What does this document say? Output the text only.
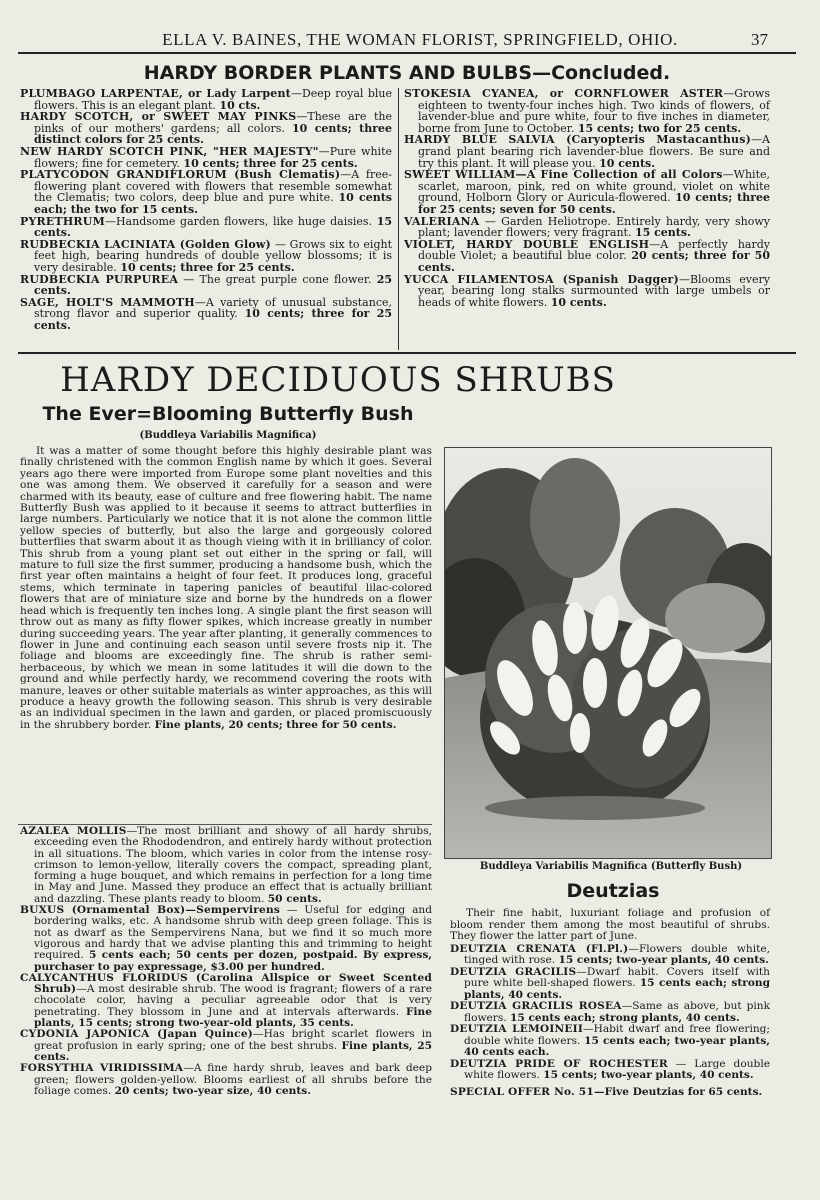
ELLA V. BAINES, THE WOMAN FLORIST, SPRINGFIELD, OHIO.	37
HARDY BORDER PLANTS AND BULBS—Concluded.
PLUMBAGO LARPENTAE, or Lady Larpent—Deep royal blue flowers. This is an elegant plant. 10 cts.
HARDY SCOTCH, or SWEET MAY PINKS—These are the pinks of our mothers' gardens; all colors. 10 cents; three distinct colors for 25 cents.
NEW HARDY SCOTCH PINK, "HER MAJESTY"—Pure white flowers; fine for cemetery. 10 cents; three for 25 cents.
PLATYCODON GRANDIFLORUM (Bush Clematis)—A free-flowering plant covered with flowers that resemble somewhat the Clematis; two colors, deep blue and pure white. 10 cents each; the two for 15 cents.
PYRETHRUM—Handsome garden flowers, like huge daisies. 15 cents.
RUDBECKIA LACINIATA (Golden Glow) — Grows six to eight feet high, bearing hundreds of double yellow blossoms; it is very desirable. 10 cents; three for 25 cents.
RUDBECKIA PURPUREA — The great purple cone flower. 25 cents.
SAGE, HOLT'S MAMMOTH—A variety of unusual substance, strong flavor and superior quality. 10 cents; three for 25 cents.
STOKESIA CYANEA, or CORNFLOWER ASTER—Grows eighteen to twenty-four inches high. Two kinds of flowers, of lavender-blue and pure white, four to five inches in diameter, borne from June to October. 15 cents; two for 25 cents.
HARDY BLUE SALVIA (Caryopteris Mastacanthus)—A grand plant bearing rich lavender-blue flowers. Be sure and try this plant. It will please you. 10 cents.
SWEET WILLIAM—A Fine Collection of all Colors—White, scarlet, maroon, pink, red on white ground, violet on white ground, Holborn Glory or Auricula-flowered. 10 cents; three for 25 cents; seven for 50 cents.
VALERIANA — Garden Heliotrope. Entirely hardy, very showy plant; lavender flowers; very fragrant. 15 cents.
VIOLET, HARDY DOUBLE ENGLISH—A perfectly hardy double Violet; a beautiful blue color. 20 cents; three for 50 cents.
YUCCA FILAMENTOSA (Spanish Dagger)—Blooms every year, bearing long stalks surmounted with large umbels or heads of white flowers. 10 cents.
HARDY DECIDUOUS SHRUBS
The Ever=Blooming Butterfly Bush
(Buddleya Variabilis Magnifica)
It was a matter of some thought before this highly desirable plant was finally christened with the common English name by which it goes. Several years ago there were imported from Europe some plant novelties and this one was among them. We observed it carefully for a season and were charmed with its beauty, ease of culture and free flowering habit. The name Butterfly Bush was applied to it because it seems to attract butterflies in large numbers. Particularly we notice that it is not alone the common little yellow species of butterfly, but also the large and gorgeously colored butterflies that swarm about it as though vieing with it in brilliancy of color. This shrub from a young plant set out either in the spring or fall, will mature to full size the first summer, producing a handsome bush, which the first year often maintains a height of four feet. It produces long, graceful stems, which terminate in tapering panicles of beautiful lilac-colored flowers that are of miniature size and borne by the hundreds on a flower head which is frequently ten inches long. A single plant the first season will throw out as many as fifty flower spikes, which increase greatly in number during succeeding years. The year after planting, it generally commences to flower in June and continuing each season until severe frosts nip it. The foliage and blooms are exceedingly fine. The shrub is rather semi-herbaceous, by which we mean in some latitudes it will die down to the ground and while perfectly hardy, we recommend covering the roots with manure, leaves or other suitable materials as winter approaches, as this will produce a heavy growth the following season. This shrub is very desirable as an individual specimen in the lawn and garden, or placed promiscuously in the shrubbery border. Fine plants, 20 cents; three for 50 cents.
AZALEA MOLLIS—The most brilliant and showy of all hardy shrubs, exceeding even the Rhododendron, and entirely hardy without protection in all situations. The bloom, which varies in color from the intense rosy-crimson to lemon-yellow, literally covers the compact, spreading plant, forming a huge bouquet, and which remains in perfection for a long time in May and June. Massed they produce an effect that is actually brilliant and dazzling. These plants ready to bloom. 50 cents.
BUXUS (Ornamental Box)—Sempervirens — Useful for edging and bordering walks, etc. A handsome shrub with deep green foliage. This is not as dwarf as the Sempervirens Nana, but we find it so much more vigorous and hardy that we advise planting this and trimming to height required. 5 cents each; 50 cents per dozen, postpaid. By express, purchaser to pay expressage, $3.00 per hundred.
CALYCANTHUS FLORIDUS (Carolina Allspice or Sweet Scented Shrub)—A most desirable shrub. The wood is fragrant; flowers of a rare chocolate color, having a peculiar agreeable odor that is very penetrating. They blossom in June and at intervals afterwards. Fine plants, 15 cents; strong two-year-old plants, 35 cents.
CYDONIA JAPONICA (Japan Quince)—Has bright scarlet flowers in great profusion in early spring; one of the best shrubs. Fine plants, 25 cents.
FORSYTHIA VIRIDISSIMA—A fine hardy shrub, leaves and bark deep green; flowers golden-yellow. Blooms earliest of all shrubs before the foliage comes. 20 cents; two-year size, 40 cents.
Buddleya Variabilis Magnifica (Butterfly Bush)
Deutzias
Their fine habit, luxuriant foliage and profusion of bloom render them among the most beautiful of shrubs. They flower the latter part of June.
DEUTZIA CRENATA (Fl.Pl.)—Flowers double white, tinged with rose. 15 cents; two-year plants, 40 cents.
DEUTZIA GRACILIS—Dwarf habit. Covers itself with pure white bell-shaped flowers. 15 cents each; strong plants, 40 cents.
DEUTZIA GRACILIS ROSEA—Same as above, but pink flowers. 15 cents each; strong plants, 40 cents.
DEUTZIA LEMOINEII—Habit dwarf and free flowering; double white flowers. 15 cents each; two-year plants, 40 cents each.
DEUTZIA PRIDE OF ROCHESTER — Large double white flowers. 15 cents; two-year plants, 40 cents.
SPECIAL OFFER No. 51—Five Deutzias for 65 cents.
